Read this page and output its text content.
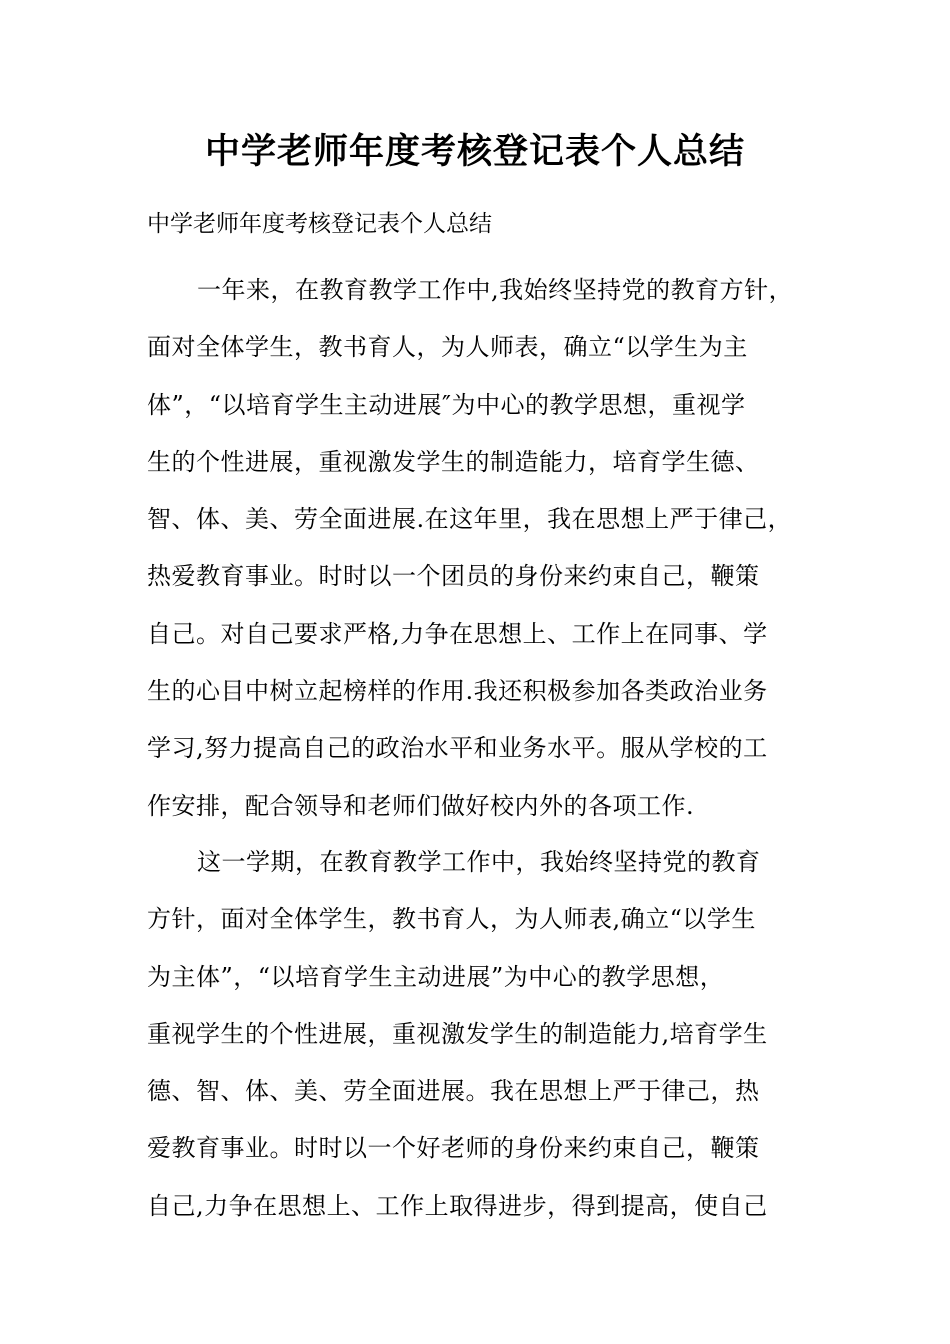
中学老师年度考核登记表个人总结

中学老师年度考核登记表个人总结

一年来，在教育教学工作中,我始终坚持党的教育方针，
面对全体学生，教书育人，为人师表，确立“以学生为主
体”，“以培育学生主动进展″为中心的教学思想，重视学
生的个性进展，重视激发学生的制造能力，培育学生德、
智、体、美、劳全面进展.在这年里，我在思想上严于律己，
热爱教育事业。时时以一个团员的身份来约束自己，鞭策
自己。对自己要求严格,力争在思想上、工作上在同事、学
生的心目中树立起榜样的作用.我还积极参加各类政治业务
学习,努力提高自己的政治水平和业务水平。服从学校的工
作安排，配合领导和老师们做好校内外的各项工作.
这一学期，在教育教学工作中，我始终坚持党的教育
方针，面对全体学生，教书育人，为人师表,确立“以学生
为主体”，“以培育学生主动进展”为中心的教学思想，
重视学生的个性进展，重视激发学生的制造能力,培育学生
德、智、体、美、劳全面进展。我在思想上严于律己，热
爱教育事业。时时以一个好老师的身份来约束自己，鞭策
自己,力争在思想上、工作上取得进步，得到提高，使自己
